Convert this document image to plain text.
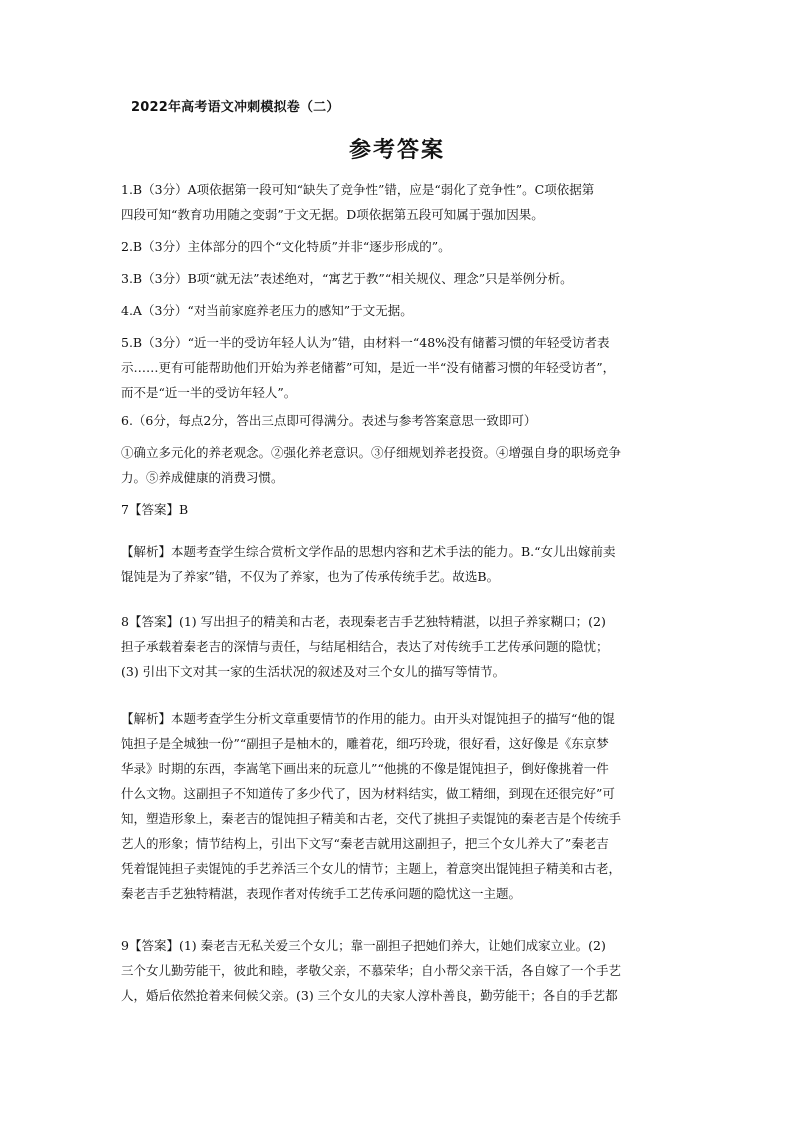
2022年高考语文冲刺模拟卷（二）
参考答案
1.B（3分）A项依据第一段可知“缺失了竞争性”错，应是“弱化了竞争性”。C项依据第
四段可知“教育功用随之变弱”于文无据。D项依据第五段可知属于强加因果。
2.B（3分）主体部分的四个“文化特质”并非“逐步形成的”。
3.B（3分）B项“就无法”表述绝对，“寓艺于教”“相关规仪、理念”只是举例分析。
4.A（3分）“对当前家庭养老压力的感知”于文无据。
5.B（3分）“近一半的受访年轻人认为”错，由材料一“48%没有储蓄习惯的年轻受访者表
示……更有可能帮助他们开始为养老储蓄”可知，是近一半“没有储蓄习惯的年轻受访者”，
而不是“近一半的受访年轻人”。
6.（6分，每点2分，答出三点即可得满分。表述与参考答案意思一致即可）
①确立多元化的养老观念。②强化养老意识。③仔细规划养老投资。④增强自身的职场竞争
力。⑤养成健康的消费习惯。
7【答案】B
【解析】本题考查学生综合赏析文学作品的思想内容和艺术手法的能力。B.“女儿出嫁前卖
馄饨是为了养家”错，不仅为了养家，也为了传承传统手艺。故选B。
8【答案】(1) 写出担子的精美和古老，表现秦老吉手艺独特精湛，以担子养家糊口；(2)
担子承载着秦老吉的深情与责任，与结尾相结合，表达了对传统手工艺传承问题的隐忧；
(3) 引出下文对其一家的生活状况的叙述及对三个女儿的描写等情节。
【解析】本题考查学生分析文章重要情节的作用的能力。由开头对馄饨担子的描写“他的馄
饨担子是全城独一份”“副担子是柚木的，雕着花，细巧玲珑，很好看，这好像是《东京梦
华录》时期的东西，李嵩笔下画出来的玩意儿”“他挑的不像是馄饨担子，倒好像挑着一件
什么文物。这副担子不知道传了多少代了，因为材料结实，做工精细，到现在还很完好”可
知，塑造形象上，秦老吉的馄饨担子精美和古老，交代了挑担子卖馄饨的秦老吉是个传统手
艺人的形象；情节结构上，引出下文写“秦老吉就用这副担子，把三个女儿养大了”秦老吉
凭着馄饨担子卖馄饨的手艺养活三个女儿的情节；主题上，着意突出馄饨担子精美和古老，
秦老吉手艺独特精湛，表现作者对传统手工艺传承问题的隐忧这一主题。
9【答案】(1) 秦老吉无私关爱三个女儿；靠一副担子把她们养大，让她们成家立业。(2)
三个女儿勤劳能干，彼此和睦，孝敬父亲，不慕荣华；自小帮父亲干活，各自嫁了一个手艺
人，婚后依然抢着来伺候父亲。(3) 三个女儿的夫家人淳朴善良，勤劳能干；各自的手艺都
